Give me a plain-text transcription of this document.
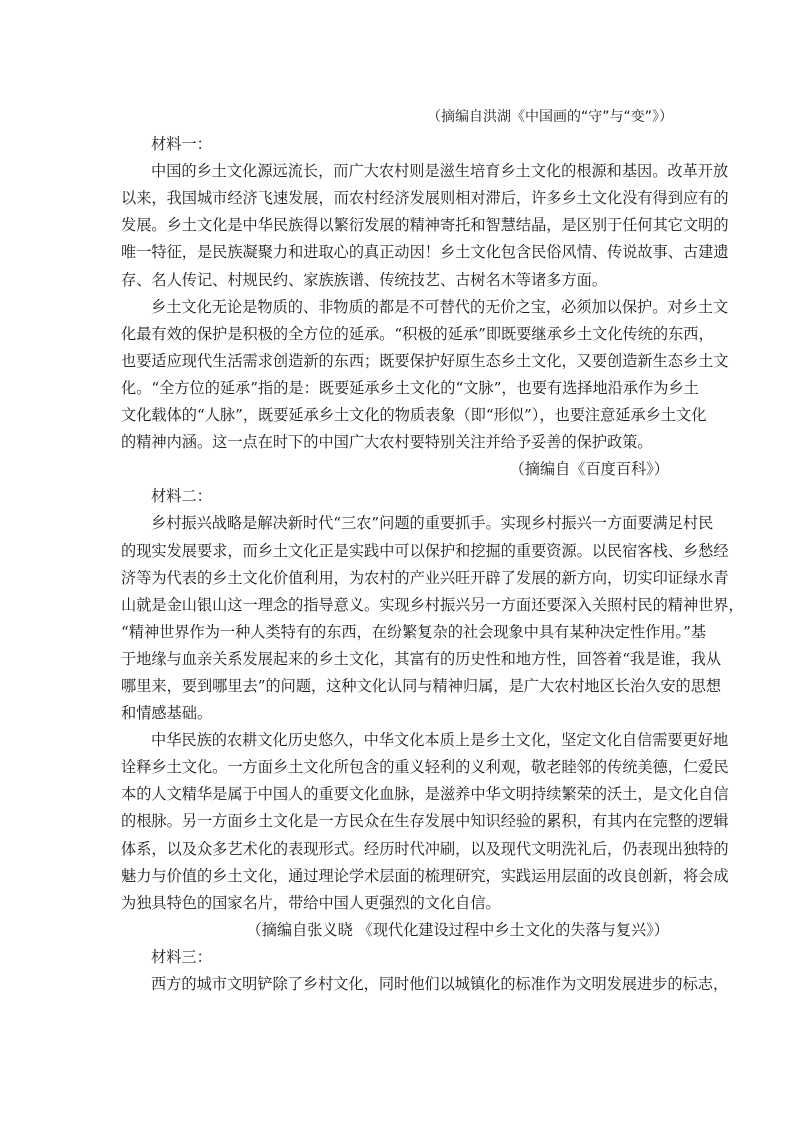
（摘编自洪湖《中国画的“守”与“变”》）
材料一：
中国的乡土文化源远流长，而广大农村则是滋生培育乡土文化的根源和基因。改革开放
以来，我国城市经济飞速发展，而农村经济发展则相对滞后，许多乡土文化没有得到应有的
发展。乡土文化是中华民族得以繁衍发展的精神寄托和智慧结晶，是区别于任何其它文明的
唯一特征，是民族凝聚力和进取心的真正动因！乡土文化包含民俗风情、传说故事、古建遗
存、名人传记、村规民约、家族族谱、传统技艺、古树名木等诸多方面。
乡土文化无论是物质的、非物质的都是不可替代的无价之宝，必须加以保护。对乡土文
化最有效的保护是积极的全方位的延承。“积极的延承”即既要继承乡土文化传统的东西，
也要适应现代生活需求创造新的东西；既要保护好原生态乡土文化，又要创造新生态乡土文
化。“全方位的延承”指的是：既要延承乡土文化的“文脉”，也要有选择地沿承作为乡土
文化载体的“人脉”，既要延承乡土文化的物质表象（即“形似”），也要注意延承乡土文化
的精神内涵。这一点在时下的中国广大农村要特别关注并给予妥善的保护政策。
（摘编自《百度百科》）
材料二：
乡村振兴战略是解决新时代“三农”问题的重要抓手。实现乡村振兴一方面要满足村民
的现实发展要求，而乡土文化正是实践中可以保护和挖掘的重要资源。以民宿客栈、乡愁经
济等为代表的乡土文化价值利用，为农村的产业兴旺开辟了发展的新方向，切实印证绿水青
山就是金山银山这一理念的指导意义。实现乡村振兴另一方面还要深入关照村民的精神世界，
“精神世界作为一种人类特有的东西，在纷繁复杂的社会现象中具有某种决定性作用。”基
于地缘与血亲关系发展起来的乡土文化，其富有的历史性和地方性，回答着“我是谁，我从
哪里来，要到哪里去”的问题，这种文化认同与精神归属，是广大农村地区长治久安的思想
和情感基础。
中华民族的农耕文化历史悠久，中华文化本质上是乡土文化，坚定文化自信需要更好地
诠释乡土文化。一方面乡土文化所包含的重义轻利的义利观，敬老睦邻的传统美德，仁爱民
本的人文精华是属于中国人的重要文化血脉，是滋养中华文明持续繁荣的沃土，是文化自信
的根脉。另一方面乡土文化是一方民众在生存发展中知识经验的累积，有其内在完整的逻辑
体系，以及众多艺术化的表现形式。经历时代冲刷，以及现代文明洗礼后，仍表现出独特的
魅力与价值的乡土文化，通过理论学术层面的梳理研究，实践运用层面的改良创新，将会成
为独具特色的国家名片，带给中国人更强烈的文化自信。
（摘编自张义晓 《现代化建设过程中乡土文化的失落与复兴》）
材料三：
西方的城市文明铲除了乡村文化，同时他们以城镇化的标准作为文明发展进步的标志，
